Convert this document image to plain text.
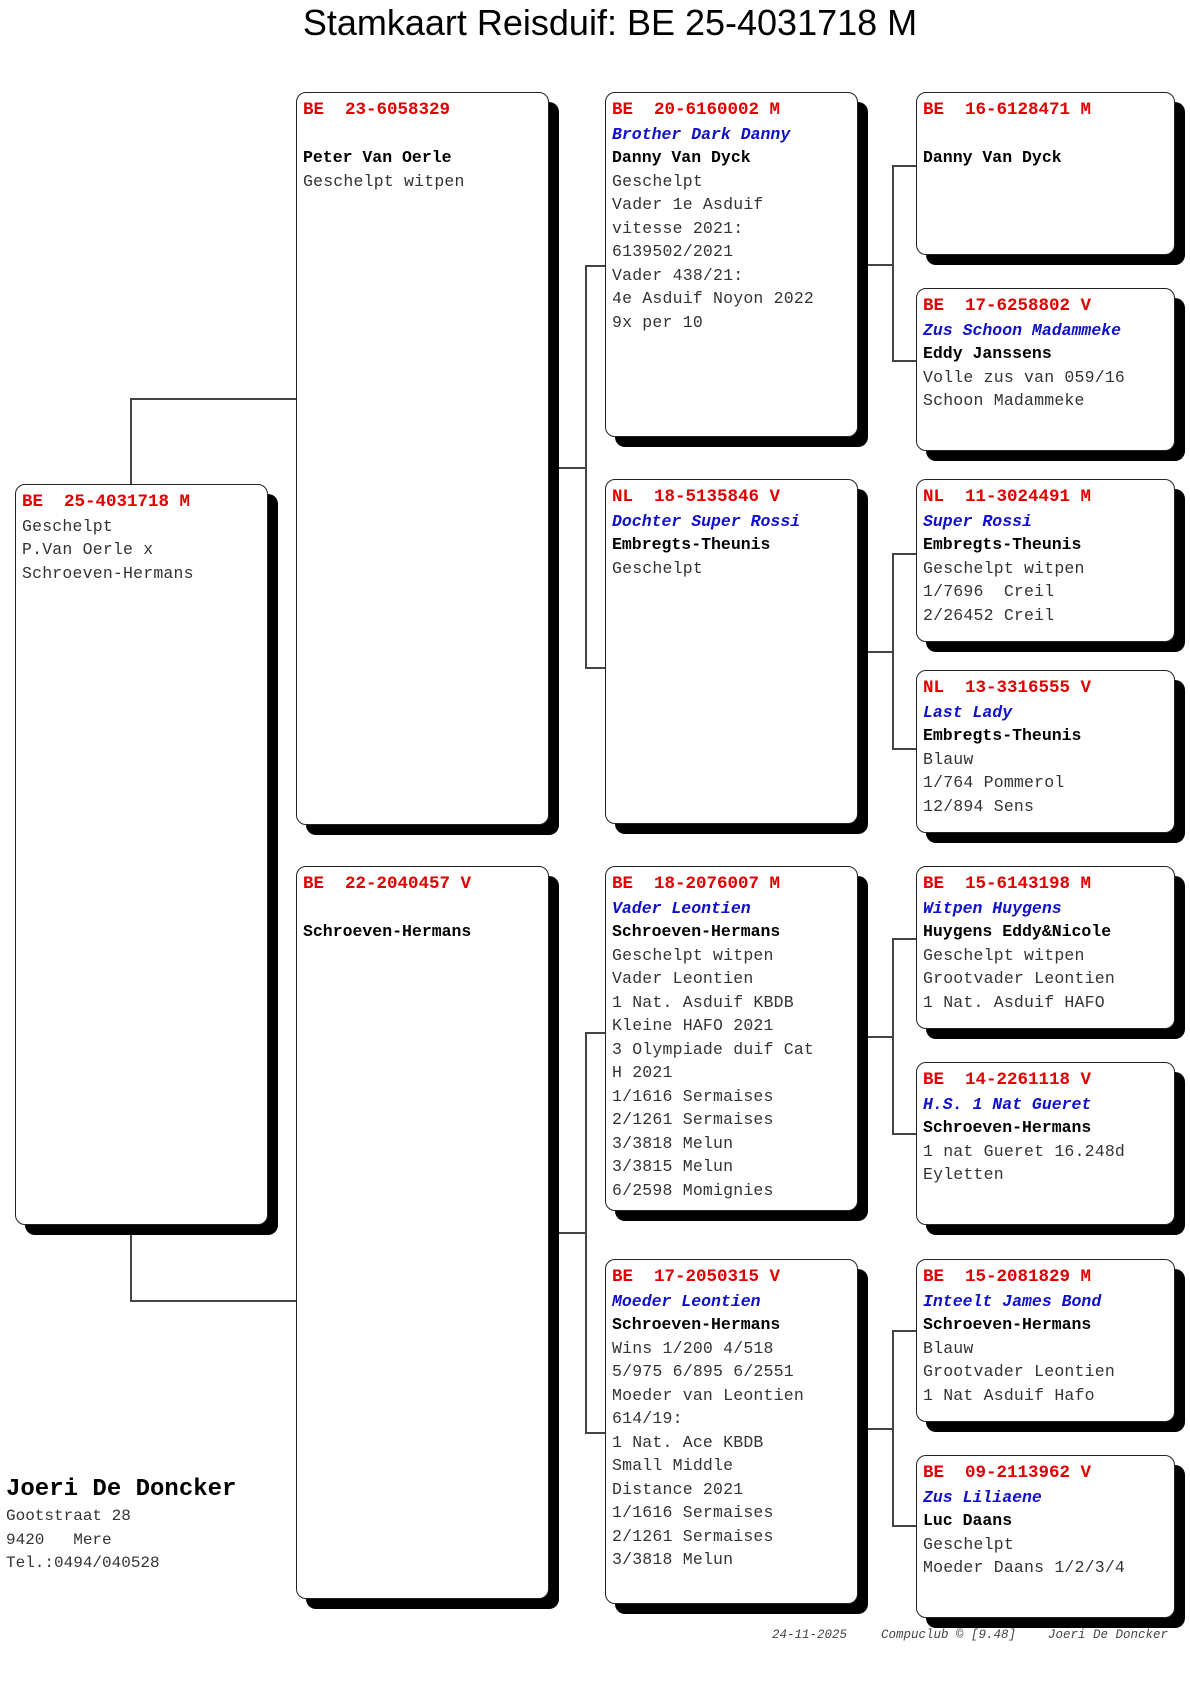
Stamkaart Reisduif: BE 25-4031718 M
BE  25-4031718 M
Geschelpt
P.Van Oerle x
Schroeven-Hermans
BE  23-6058329
Peter Van Oerle
Geschelpt witpen
BE  22-2040457 V
Schroeven-Hermans
BE  20-6160002 M
Brother Dark Danny
Danny Van Dyck
Geschelpt
Vader 1e Asduif
vitesse 2021:
6139502/2021
Vader 438/21:
4e Asduif Noyon 2022
9x per 10
NL  18-5135846 V
Dochter Super Rossi
Embregts-Theunis
Geschelpt
BE  18-2076007 M
Vader Leontien
Schroeven-Hermans
Geschelpt witpen
Vader Leontien
1 Nat. Asduif KBDB
Kleine HAFO 2021
3 Olympiade duif Cat
H 2021
1/1616 Sermaises
2/1261 Sermaises
3/3818 Melun
3/3815 Melun
6/2598 Momignies
BE  17-2050315 V
Moeder Leontien
Schroeven-Hermans
Wins 1/200 4/518
5/975 6/895 6/2551
Moeder van Leontien
614/19:
1 Nat. Ace KBDB
Small Middle
Distance 2021
1/1616 Sermaises
2/1261 Sermaises
3/3818 Melun
BE  16-6128471 M
Danny Van Dyck
BE  17-6258802 V
Zus Schoon Madammeke
Eddy Janssens
Volle zus van 059/16
Schoon Madammeke
NL  11-3024491 M
Super Rossi
Embregts-Theunis
Geschelpt witpen
1/7696  Creil
2/26452 Creil
NL  13-3316555 V
Last Lady
Embregts-Theunis
Blauw
1/764 Pommerol
12/894 Sens
BE  15-6143198 M
Witpen Huygens
Huygens Eddy&Nicole
Geschelpt witpen
Grootvader Leontien
1 Nat. Asduif HAFO
BE  14-2261118 V
H.S. 1 Nat Gueret
Schroeven-Hermans
1 nat Gueret 16.248d
Eyletten
BE  15-2081829 M
Inteelt James Bond
Schroeven-Hermans
Blauw
Grootvader Leontien
1 Nat Asduif Hafo
BE  09-2113962 V
Zus Liliaene
Luc Daans
Geschelpt
Moeder Daans 1/2/3/4
Joeri De Doncker
Gootstraat 28
9420   Mere
Tel.:0494/040528
24-11-2025	Compuclub © [9.48]	Joeri De Doncker
